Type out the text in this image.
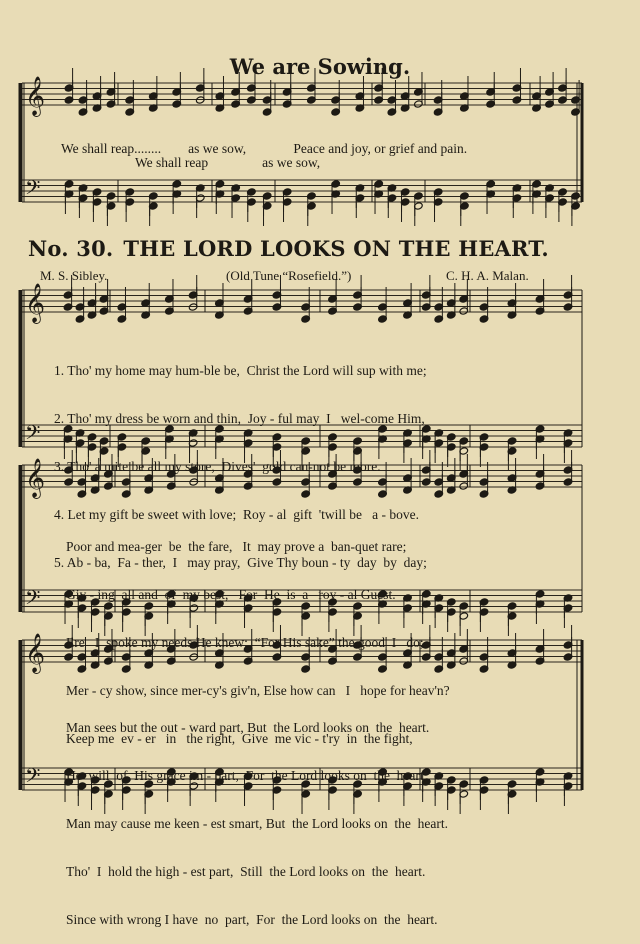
We are Sowing.
𝄞
𝄢
We shall reap........        as we sow,              Peace and joy, or grief and pain.
We shall reap                as we sow,
No. 30. THE LORD LOOKS ON THE HEART.
M. S. Sibley.	(Old Tune “Rosefield.”)	C. H. A. Malan.
𝄞
𝄢
𝄞
𝄢
𝄞
𝄢

1. Tho' my home may hum-ble be,  Christ the Lord will sup with me;

2. Tho' my dress be worn and thin,  Joy - ful may  I   wel-come Him,

3. Tho' a mite be all my store,  Dives'  gold can-not be more.

4. Let my gift be sweet with love;  Roy - al  gift  'twill be   a - bove.

5. Ab - ba,  Fa - ther,  I   may pray,  Give Thy boun - ty  day  by  day;

Poor and mea-ger  be  the fare,   It  may prove a  ban-quet rare;

Giv - ing  all and  of  my best,   For  He  is  a   roy - al Guest.

Ere   I  spoke my needs He knew;  “For His sake” the good  I   do;

Mer - cy show, since mer-cy's giv'n, Else how can   I   hope for heav'n?

Keep me  ev - er   in   the right,  Give  me vic - t'ry  in  the fight,

Man sees but the out - ward part, But  the Lord looks on  the  heart.

He  will  of  His grace im - part,  For  the Lord looks on  the  heart.

Man may cause me keen - est smart, But  the Lord looks on  the  heart.

Tho'  I  hold the high - est part,  Still  the Lord looks on  the  heart.

Since with wrong I have  no  part,  For  the Lord looks on  the  heart.
